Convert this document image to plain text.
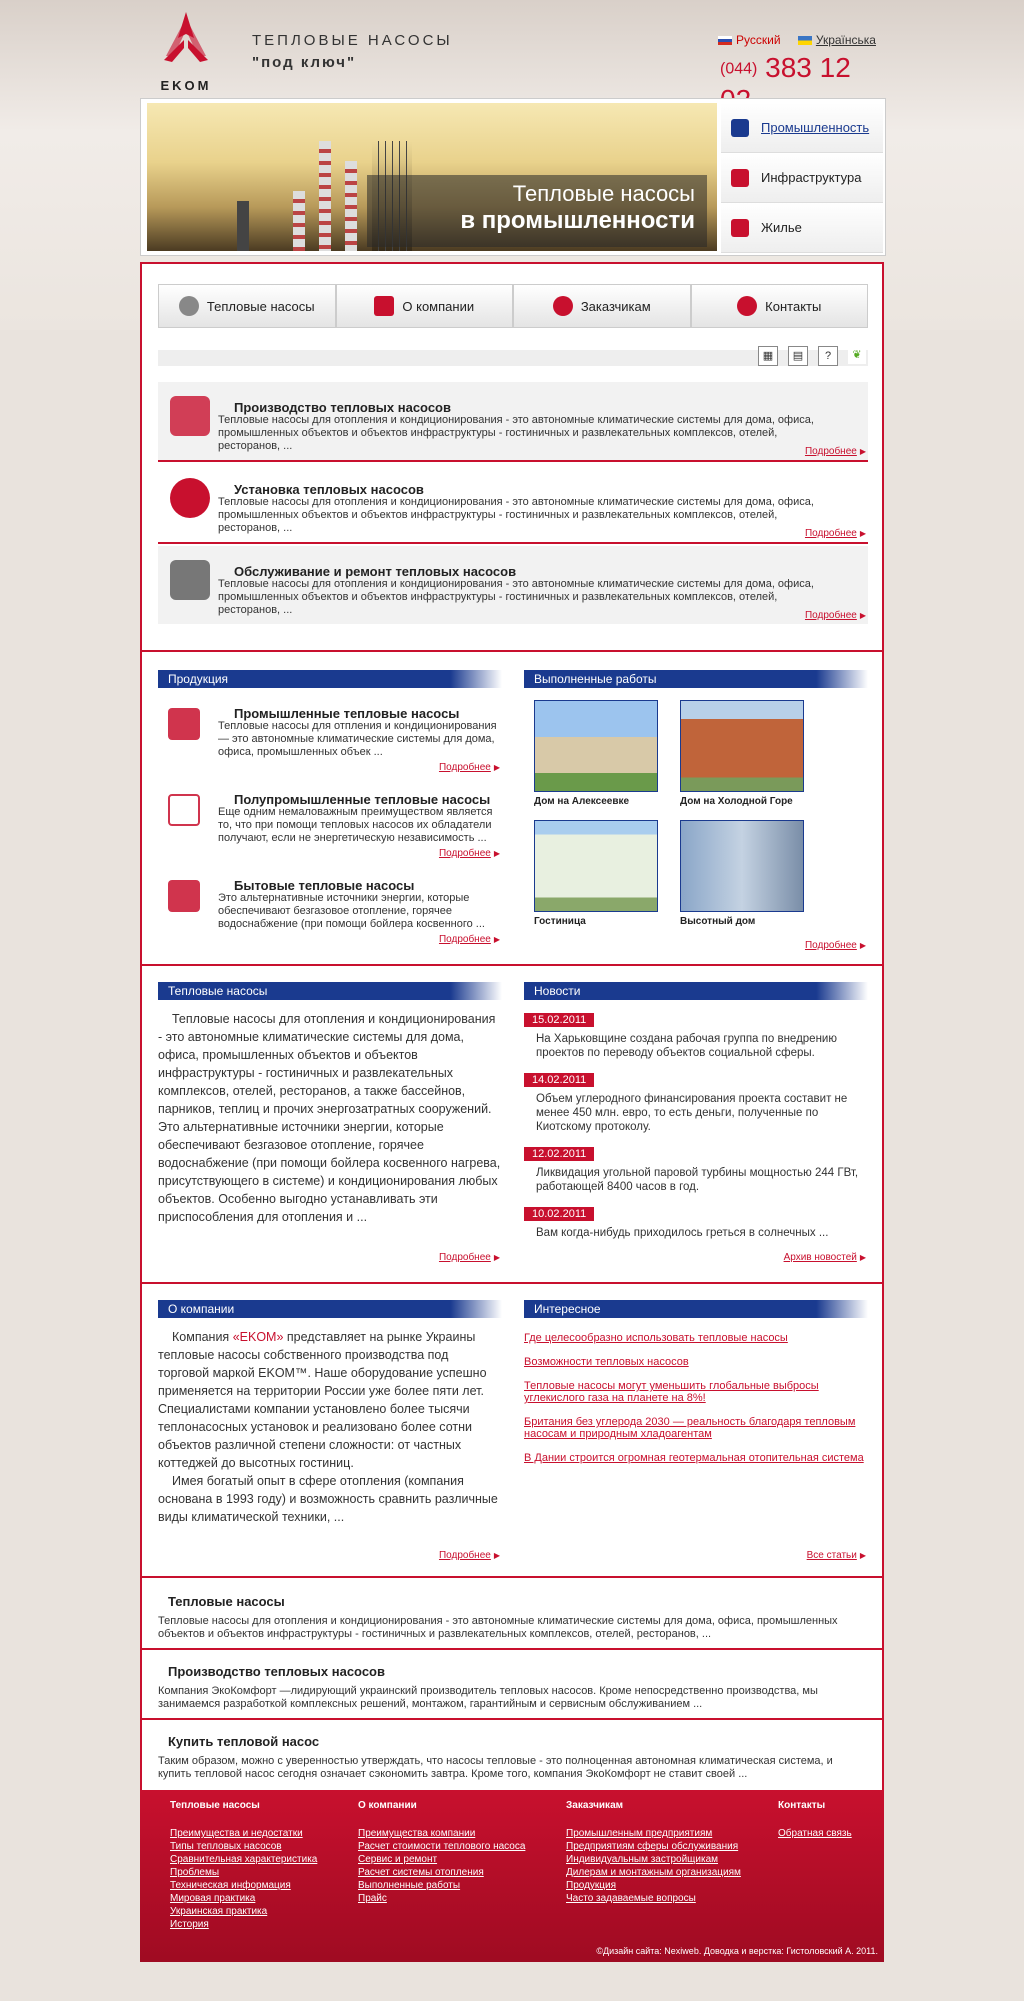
EKOM
ТЕПЛОВЫЕ НАСОСЫ
"под ключ"
Русский	Українська
(044) 383 12
Тепловые насосы
в промышленности
Промышленность
Инфраструктура
Жилье
Тепловые насосы	О компании	Заказчикам	Контакты
▦	▤	?	❦
Производство тепловых насосов
Тепловые насосы для отопления и кондиционирования - это автономные климатические системы для дома, офиса, промышленных объектов и объектов инфраструктуры - гостиничных и развлекательных комплексов, отелей, ресторанов, ...	Подробнее ▶
Установка тепловых насосов
Тепловые насосы для отопления и кондиционирования - это автономные климатические системы для дома, офиса, промышленных объектов и объектов инфраструктуры - гостиничных и развлекательных комплексов, отелей, ресторанов, ...	Подробнее ▶
Обслуживание и ремонт тепловых насосов
Тепловые насосы для отопления и кондиционирования - это автономные климатические системы для дома, офиса, промышленных объектов и объектов инфраструктуры - гостиничных и развлекательных комплексов, отелей, ресторанов, ...	Подробнее ▶
Продукция
Промышленные тепловые насосы
Тепловые насосы для отпления и кондиционирования — это автономные климатические системы для дома, офиса, промышленных объек ...
Подробнее ▶
Полупромышленные тепловые насосы
Еще одним немаловажным преимуществом является то, что при помощи тепловых насосов их обладатели получают, если не энергетическую независимость ...
Подробнее ▶
Бытовые тепловые насосы
Это альтернативные источники энергии, которые обеспечивают безгазовое отопление, горячее водоснабжение (при помощи бойлера косвенного ...
Подробнее ▶
Выполненные работы
Дом на Алексеевке	Дом на Холодной Горе
Гостиница	Высотный дом
Подробнее ▶
Тепловые насосы

Тепловые насосы для отопления и кондиционирования - это автономные климатические системы для дома, офиса, промышленных объектов и объектов инфраструктуры - гостиничных и развлекательных комплексов, отелей, ресторанов, а также бассейнов, парников, теплиц и прочих энергозатратных сооружений. Это альтернативные источники энергии, которые обеспечивают безгазовое отопление, горячее водоснабжение (при помощи бойлера косвенного нагрева, присутствующего в системе) и кондиционирования любых объектов. Особенно выгодно устанавливать эти приспособления для отопления и ...

Подробнее ▶
Новости
15.02.2011
На Харьковщине создана рабочая группа по внедрению проектов по переводу объектов социальной сферы.
14.02.2011
Объем углеродного финансирования проекта составит не менее 450 млн. евро, то есть деньги, полученные по Киотскому протоколу.
12.02.2011
Ликвидация угольной паровой турбины мощностью 244 ГВт, работающей 8400 часов в год.
10.02.2011
Вам когда-нибудь приходилось греться в солнечных ...
Архив новостей ▶
О компании

Компания «EKOM» представляет на рынке Украины тепловые насосы собственного производства под торговой маркой EKOM™. Наше оборудование успешно применяется на территории России уже более пяти лет. Специалистами компании установлено более тысячи теплонасосных установок и реализовано более сотни объектов различной степени сложности: от частных коттеджей до высотных гостиниц.

Имея богатый опыт в сфере отопления (компания основана в 1993 году) и возможность сравнить различные виды климатической техники, ...

Подробнее ▶
Интересное
Где целесообразно использовать тепловые насосы
Возможности тепловых насосов
Тепловые насосы могут уменьшить глобальные выбросы углекислого газа на планете на 8%!
Британия без углерода 2030 — реальность благодаря тепловым насосам и природным хладоагентам
В Дании строится огромная геотермальная отопительная система
Все статьи ▶
Тепловые насосы
Тепловые насосы для отопления и кондиционирования - это автономные климатические системы для дома, офиса, промышленных объектов и объектов инфраструктуры - гостиничных и развлекательных комплексов, отелей, ресторанов, ...
Производство тепловых насосов
Компания ЭкоКомфорт —лидирующий украинский производитель тепловых насосов. Кроме непосредственно производства, мы занимаемся разработкой комплексных решений, монтажом, гарантийным и сервисным обслуживанием ...
Купить тепловой насос
Таким образом, можно с уверенностью утверждать, что насосы тепловые - это полноценная автономная климатическая система, и купить тепловой насос сегодня означает сэкономить завтра. Кроме того, компания ЭкоКомфорт не ставит своей ...
Тепловые насосы
Преимущества и недостатки
Типы тепловых насосов
Сравнительная характеристика
Проблемы
Техническая информация
Мировая практика
Украинская практика
История
О компании
Преимущества компании
Расчет стоимости теплового насоса
Сервис и ремонт
Расчет системы отопления
Выполненные работы
Прайс
Заказчикам
Промышленным предприятиям
Предприятиям сферы обслуживания
Индивидуальным застройщикам
Дилерам и монтажным организациям
Продукция
Часто задаваемые вопросы
Контакты
Обратная связь
©Дизайн сайта: Nexiweb. Доводка и верстка: Гистоловский А. 2011.
